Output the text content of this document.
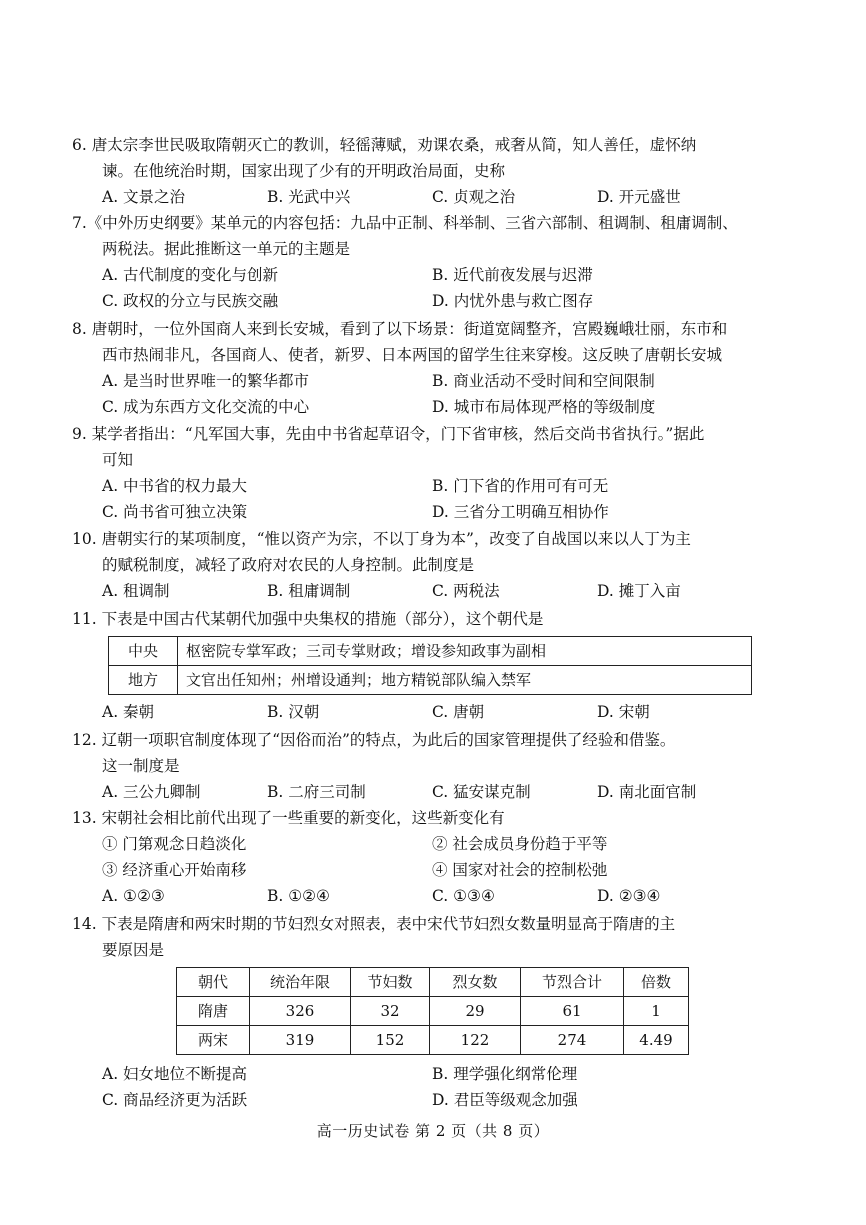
6. 唐太宗李世民吸取隋朝灭亡的教训，轻徭薄赋，劝课农桑，戒奢从简，知人善任，虚怀纳

谏。在他统治时期，国家出现了少有的开明政治局面，史称

A. 文景之治	B. 光武中兴	C. 贞观之治	D. 开元盛世

7.《中外历史纲要》某单元的内容包括：九品中正制、科举制、三省六部制、租调制、租庸调制、

两税法。据此推断这一单元的主题是

A. 古代制度的变化与创新	B. 近代前夜发展与迟滞
C. 政权的分立与民族交融	D. 内忧外患与救亡图存

8. 唐朝时，一位外国商人来到长安城，看到了以下场景：街道宽阔整齐，宫殿巍峨壮丽，东市和

西市热闹非凡，各国商人、使者，新罗、日本两国的留学生往来穿梭。这反映了唐朝长安城

A. 是当时世界唯一的繁华都市	B. 商业活动不受时间和空间限制
C. 成为东西方文化交流的中心	D. 城市布局体现严格的等级制度

9. 某学者指出：“凡军国大事，先由中书省起草诏令，门下省审核，然后交尚书省执行。”据此

可知

A. 中书省的权力最大	B. 门下省的作用可有可无
C. 尚书省可独立决策	D. 三省分工明确互相协作

10. 唐朝实行的某项制度，“惟以资产为宗，不以丁身为本”，改变了自战国以来以人丁为主

的赋税制度，减轻了政府对农民的人身控制。此制度是

A. 租调制	B. 租庸调制	C. 两税法	D. 摊丁入亩

11. 下表是中国古代某朝代加强中央集权的措施（部分），这个朝代是

中央	枢密院专掌军政；三司专掌财政；增设参知政事为副相
地方	文官出任知州；州增设通判；地方精锐部队编入禁军
A. 秦朝	B. 汉朝	C. 唐朝	D. 宋朝

12. 辽朝一项职官制度体现了“因俗而治”的特点，为此后的国家管理提供了经验和借鉴。

这一制度是

A. 三公九卿制	B. 二府三司制	C. 猛安谋克制	D. 南北面官制

13. 宋朝社会相比前代出现了一些重要的新变化，这些新变化有

① 门第观念日趋淡化	② 社会成员身份趋于平等
③ 经济重心开始南移	④ 国家对社会的控制松弛
A. ①②③	B. ①②④	C. ①③④	D. ②③④

14. 下表是隋唐和两宋时期的节妇烈女对照表，表中宋代节妇烈女数量明显高于隋唐的主

要原因是

朝代	统治年限	节妇数	烈女数	节烈合计	倍数
隋唐	326	32	29	61	1
两宋	319	152	122	274	4.49
A. 妇女地位不断提高	B. 理学强化纲常伦理
C. 商品经济更为活跃	D. 君臣等级观念加强
高一历史试卷 第 2 页（共 8 页）
